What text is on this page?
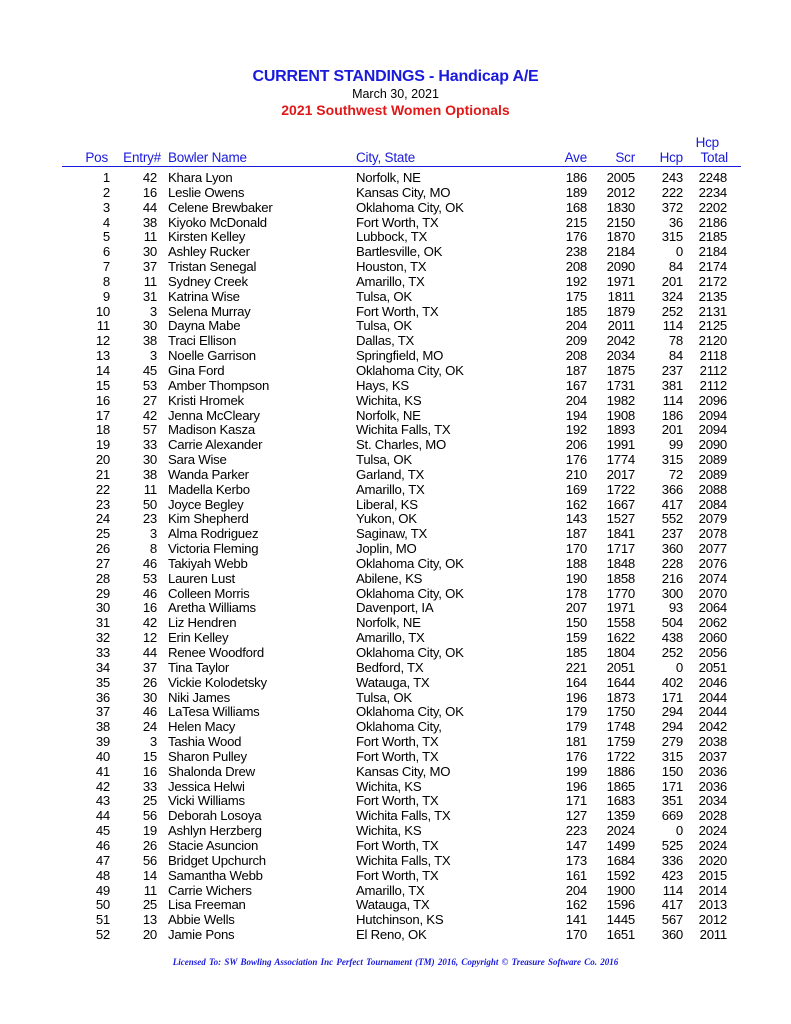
CURRENT STANDINGS - Handicap A/E
March 30, 2021
2021 Southwest Women Optionals
Pos Entry# Bowler Name	City, State	Ave Scr Hcp
Hcp
Total
1 42 Khara Lyon	Norfolk, NE	186 2005 243 2248
2 16 Leslie Owens	Kansas City, MO	189 2012 222 2234
3 44 Celene Brewbaker	Oklahoma City, OK	168 1830 372 2202
4 38 Kiyoko McDonald	Fort Worth, TX	215 2150	36 2186
5	11 Kirsten Kelley	Lubbock, TX	176 1870 315 2185
6 30 Ashley Rucker	Bartlesville, OK	238 2184	0 2184
7 37 Tristan Senegal	Houston, TX	208 2090	84 2174
8	11 Sydney Creek	Amarillo, TX	192 1971 201 2172
9 31 Katrina Wise	Tulsa, OK	175 1811 324 2135
10	3 Selena Murray	Fort Worth, TX	185 1879 252 2131
11 30 Dayna Mabe	Tulsa, OK	204 2011 114 2125
12 38 Traci Ellison	Dallas, TX	209 2042	78 2120
13	3 Noelle Garrison	Springfield, MO	208 2034	84 2118
14 45 Gina Ford	Oklahoma City, OK	187 1875 237 2112
15 53 Amber Thompson	Hays, KS	167 1731 381 2112
16 27 Kristi Hromek	Wichita, KS	204 1982 114 2096
17 42 Jenna McCleary	Norfolk, NE	194 1908 186 2094
18 57 Madison Kasza	Wichita Falls, TX	192 1893 201 2094
19 33 Carrie Alexander	St. Charles, MO	206 1991	99 2090
20 30 Sara Wise	Tulsa, OK	176 1774 315 2089
21 38 Wanda Parker	Garland, TX	210 2017	72 2089
22	11 Madella Kerbo	Amarillo, TX	169 1722 366 2088
23 50 Joyce Begley	Liberal, KS	162 1667 417 2084
24 23 Kim Shepherd	Yukon, OK	143 1527 552 2079
25	3 Alma Rodriguez	Saginaw, TX	187 1841 237 2078
26	8 Victoria Fleming	Joplin, MO	170 1717 360 2077
27 46 Takiyah Webb	Oklahoma City, OK	188 1848 228 2076
28 53 Lauren Lust	Abilene, KS	190 1858 216 2074
29 46 Colleen Morris	Oklahoma City, OK	178 1770 300 2070
30 16 Aretha Williams	Davenport, IA	207 1971	93 2064
31 42 Liz Hendren	Norfolk, NE	150 1558 504 2062
32 12 Erin Kelley	Amarillo, TX	159 1622 438 2060
33 44 Renee Woodford	Oklahoma City, OK	185 1804 252 2056
34 37 Tina Taylor	Bedford, TX	221 2051	0 2051
35 26 Vickie Kolodetsky	Watauga, TX	164 1644 402 2046
36 30 Niki James	Tulsa, OK	196 1873 171 2044
37 46 LaTesa Williams	Oklahoma City, OK	179 1750 294 2044
38 24 Helen Macy	Oklahoma City,	179 1748 294 2042
39	3 Tashia Wood	Fort Worth, TX	181 1759 279 2038
40 15 Sharon Pulley	Fort Worth, TX	176 1722 315 2037
41 16 Shalonda Drew	Kansas City, MO	199 1886 150 2036
42 33 Jessica Helwi	Wichita, KS	196 1865 171 2036
43 25 Vicki Williams	Fort Worth, TX	171 1683 351 2034
44 56 Deborah Losoya	Wichita Falls, TX	127 1359 669 2028
45 19 Ashlyn Herzberg	Wichita, KS	223 2024	0 2024
46 26 Stacie Asuncion	Fort Worth, TX	147 1499 525 2024
47 56 Bridget Upchurch	Wichita Falls, TX	173 1684 336 2020
48 14 Samantha Webb	Fort Worth, TX	161 1592 423 2015
49	11 Carrie Wichers	Amarillo, TX	204 1900 114 2014
50 25 Lisa Freeman	Watauga, TX	162 1596 417 2013
51 13 Abbie Wells	Hutchinson, KS	141 1445 567 2012
52 20 Jamie Pons	El Reno, OK	170 1651 360 2011
Licensed To: SW Bowling Association Inc Perfect Tournament (TM) 2016, Copyright © Treasure Software Co. 2016
